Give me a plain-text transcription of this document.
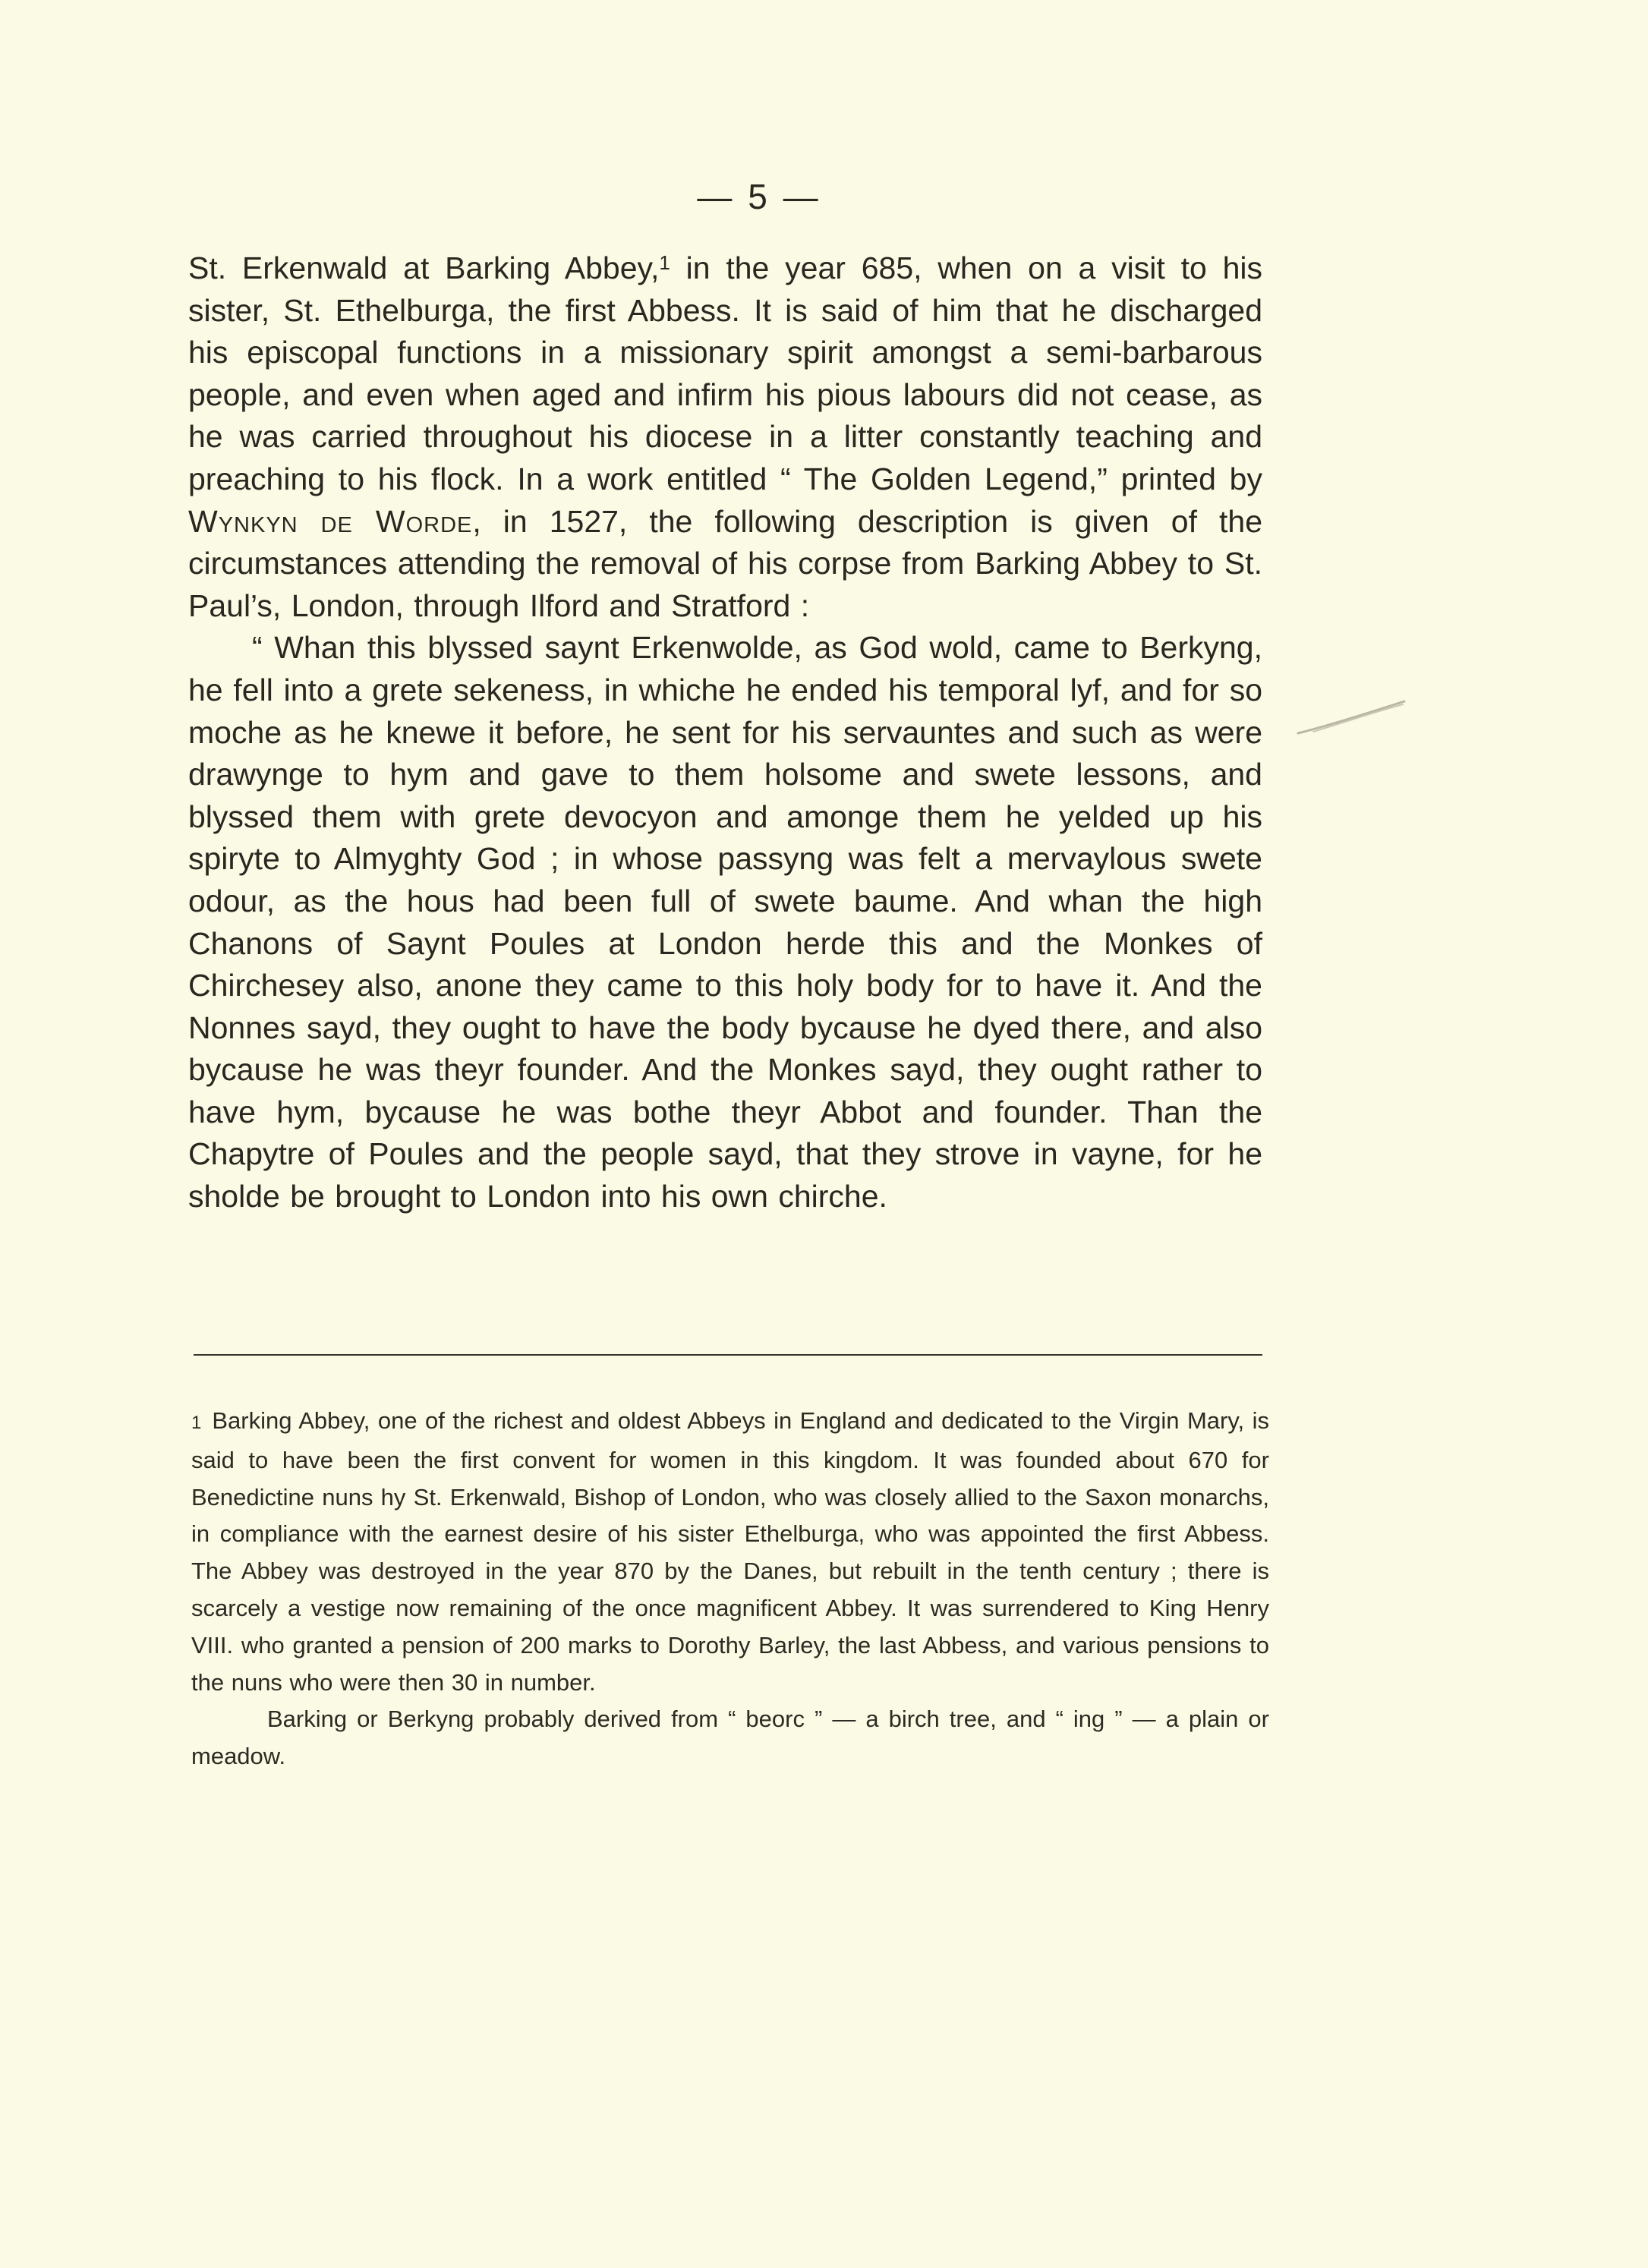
— 5 —

St. Erkenwald at Barking Abbey,$^1$ in the year 685, when on a visit to his sister, St. Ethelburga, the first Abbess. It is said of him that he discharged his episcopal functions in a missionary spirit amongst a semi-barbarous people, and even when aged and infirm his pious labours did not cease, as he was carried throughout his diocese in a litter constantly teaching and preaching to his flock. In a work entitled “ The Golden Legend,” printed by Wynkyn de Worde, in 1527, the following description is given of the circumstances attending the removal of his corpse from Barking Abbey to St. Paul’s, London, through Ilford and Stratford :

“ Whan this blyssed saynt Erkenwolde, as God wold, came to Berkyng, he fell into a grete sekeness, in whiche he ended his temporal lyf, and for so moche as he knewe it before, he sent for his servauntes and such as were drawynge to hym and gave to them holsome and swete lessons, and blyssed them with grete devocyon and amonge them he yelded up his spiryte to Almyghty God ; in whose passyng was felt a mervaylous swete odour, as the hous had been full of swete baume. And whan the high Chanons of Saynt Poules at London herde this and the Monkes of Chirchesey also, anone they came to this holy body for to have it. And the Nonnes sayd, they ought to have the body bycause he dyed there, and also bycause he was theyr founder. And the Monkes sayd, they ought rather to have hym, bycause he was bothe theyr Abbot and founder. Than the Chapytre of Poules and the people sayd, that they strove in vayne, for he sholde be brought to London into his own chirche.

1 Barking Abbey, one of the richest and oldest Abbeys in England and dedicated to the Virgin Mary, is said to have been the first convent for women in this kingdom. It was founded about 670 for Benedictine nuns hy St. Erkenwald, Bishop of London, who was closely allied to the Saxon monarchs, in compliance with the earnest desire of his sister Ethelburga, who was appointed the first Abbess. The Abbey was destroyed in the year 870 by the Danes, but rebuilt in the tenth century ; there is scarcely a vestige now remaining of the once magnificent Abbey. It was surrendered to King Henry VIII. who granted a pension of 200 marks to Dorothy Barley, the last Abbess, and various pensions to the nuns who were then 30 in number.

Barking or Berkyng probably derived from “ beorc ” — a birch tree, and “ ing ” — a plain or meadow.
